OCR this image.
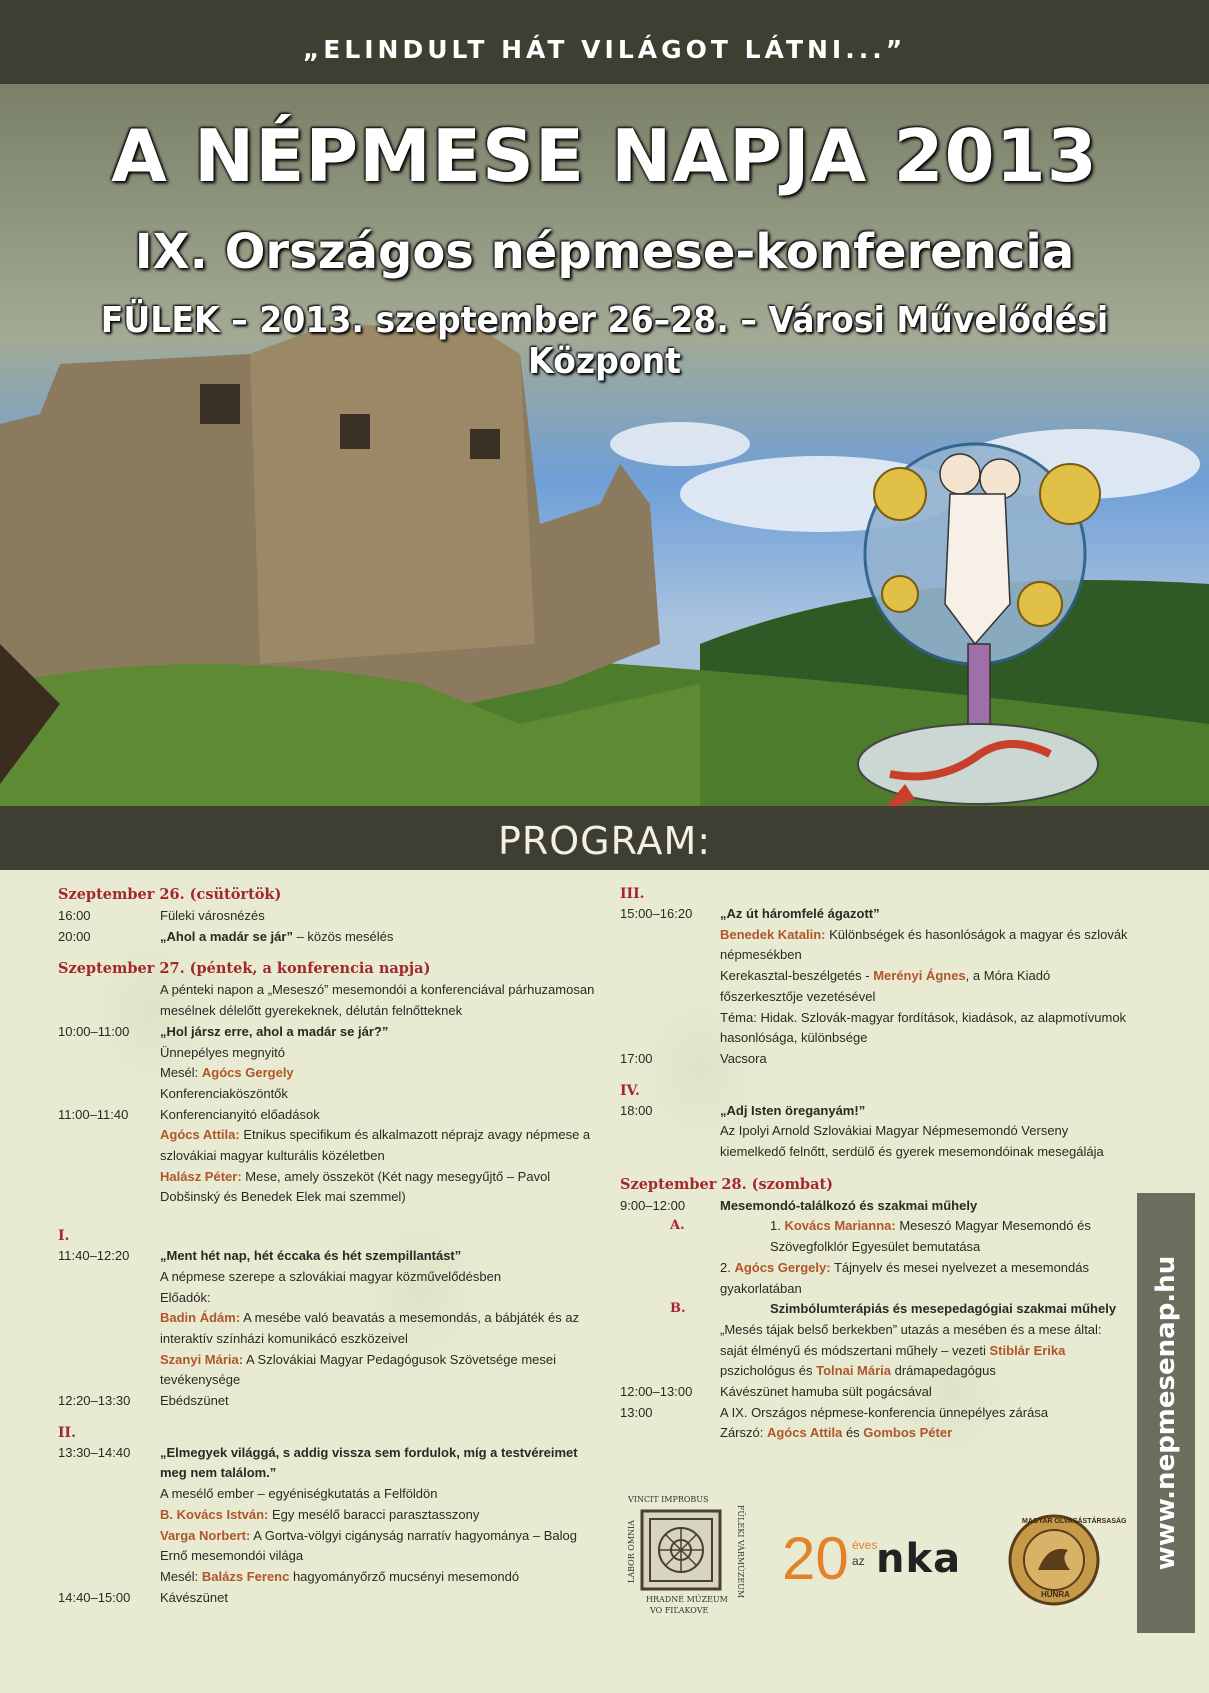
„ELINDULT HÁT VILÁGOT LÁTNI...”
A NÉPMESE NAPJA 2013
IX. Országos népmese-konferencia
FÜLEK – 2013. szeptember 26–28. – Városi Művelődési Központ
PROGRAM:
Szeptember 26. (csütörtök)
16:00	Füleki városnézés
20:00	„Ahol a madár se jár” – közös mesélés
Szeptember 27. (péntek, a konferencia napja)
A pénteki napon a „Meseszó” mesemondói a konferenciával párhuzamosan mesélnek délelőtt gyerekeknek, délután felnőtteknek
10:00–11:00	„Hol jársz erre, ahol a madár se jár?”
Ünnepélyes megnyitó
Mesél: Agócs Gergely
Konferenciaköszöntők
11:00–11:40	Konferencianyitó előadások
Agócs Attila: Etnikus specifikum és alkalmazott néprajz avagy népmese a szlovákiai magyar kulturális közéletben
Halász Péter: Mese, amely összeköt (Két nagy mesegyűjtő – Pavol Dobšinský és Benedek Elek mai szemmel)
I.
11:40–12:20	„Ment hét nap, hét éccaka és hét szempillantást”
A népmese szerepe a szlovákiai magyar közművelődésben
Előadók:
Badin Ádám: A mesébe való beavatás a mesemondás, a bábjáték és az interaktív színházi komunikácó eszközeivel
Szanyi Mária: A Szlovákiai Magyar Pedagógusok Szövetsége mesei tevékenysége
12:20–13:30	Ebédszünet
II.
13:30–14:40	„Elmegyek világgá, s addig vissza sem fordulok, míg a testvéreimet meg nem találom.”
A mesélő ember – egyéniségkutatás a Felföldön
B. Kovács István: Egy mesélő baracci parasztasszony
Varga Norbert: A Gortva-völgyi cigányság narratív hagyománya – Balog Ernő mesemondói világa
Mesél: Balázs Ferenc hagyományőrző mucsényi mesemondó
14:40–15:00	Kávészünet
III.
15:00–16:20	„Az út háromfelé ágazott”
Benedek Katalin: Különbségek és hasonlóságok a magyar és szlovák népmesékben
Kerekasztal-beszélgetés - Merényi Ágnes, a Móra Kiadó főszerkesztője vezetésével
Téma: Hidak. Szlovák-magyar fordítások, kiadások, az alapmotívumok hasonlósága, különbsége
17:00	Vacsora
IV.
18:00	„Adj Isten öreganyám!”
Az Ipolyi Arnold Szlovákiai Magyar Népmesemondó Verseny kiemelkedő felnőtt, serdülő és gyerek mesemondóinak mesegálája
Szeptember 28. (szombat)
9:00–12:00	Mesemondó-találkozó és szakmai műhely
A.	1. Kovács Marianna: Meseszó Magyar Mesemondó és Szövegfolklór Egyesület bemutatása
2. Agócs Gergely: Tájnyelv és mesei nyelvezet a mesemondás gyakorlatában
B.	Szimbólumterápiás és mesepedagógiai szakmai műhely
„Mesés tájak belső berkekben” utazás a mesében és a mese által: saját élményű és módszertani műhely – vezeti Stiblár Erika pszichológus és Tolnai Mária drámapedagógus
12:00–13:00	Kávészünet hamuba sült pogácsával
13:00	A IX. Országos népmese-konferencia ünnepélyes zárása
Zárszó: Agócs Attila és Gombos Péter	www.nepmesenap.hu
VINCIT IMPROBUS
LABOR OMNIA	FÜLEKI VÁRMÚZEUM
HRADNÉ MÚZEUM
VO FIĽAKOVE
20 éves
az nka
MAGYAR OLVASÁSTÁRSASÁG
HUNRA
